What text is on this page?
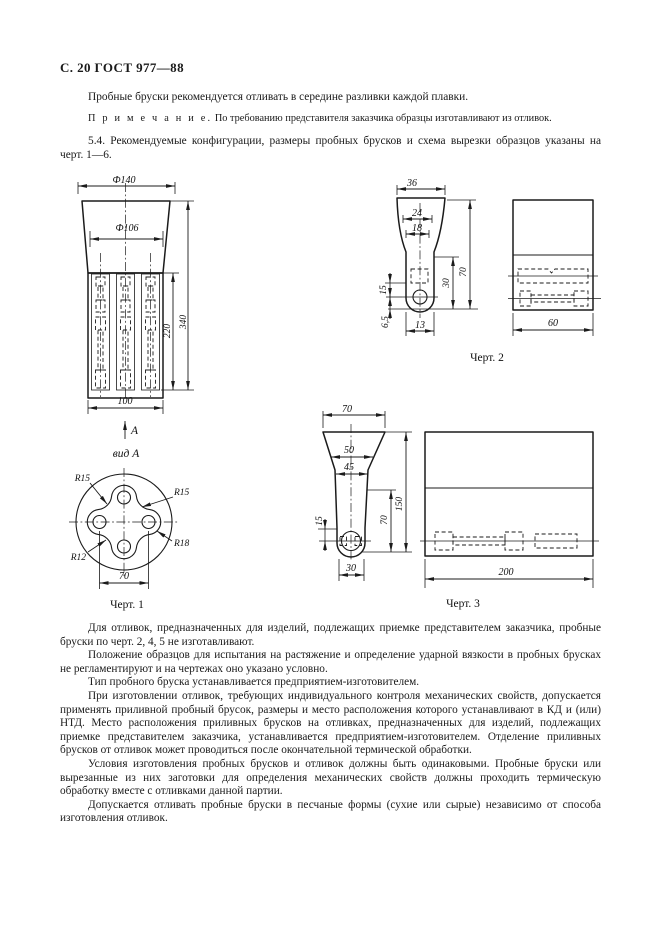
С. 20 ГОСТ 977—88

Пробные бруски рекомендуется отливать в середине разливки каждой плавки.

П р и м е ч а н и е. По требованию представителя заказчика образцы изготавливают из отливок.

5.4. Рекомендуемые конфигурации, размеры пробных брусков и схема вырезки образцов указаны на черт. 1—6.

Ф140
Ф106
220
340
100
А
вид А
R15
R15
R18
R12
70
Черт. 1
36
24
18
30
70
15
6,5 13	60
Черт. 2
70
50
45
15
30
70
150
200
Черт. 3

Для отливок, предназначенных для изделий, подлежащих приемке представителем заказчика, пробные бруски по черт. 2, 4, 5 не изготавливают.

Положение образцов для испытания на растяжение и определение ударной вязкости в пробных брусках не регламентируют и на чертежах оно указано условно.

Тип пробного бруска устанавливается предприятием-изготовителем.

При изготовлении отливок, требующих индивидуального контроля механических свойств, допускается применять приливной пробный брусок, размеры и место расположения которого устанавливают в КД и (или) НТД. Место расположения приливных брусков на отливках, предназначенных для изделий, подлежащих приемке представителем заказчика, устанавливается предприятием-изготовителем. Отделение приливных брусков от отливок может проводиться после окончательной термической обработки.

Условия изготовления пробных брусков и отливок должны быть одинаковыми. Пробные бруски или вырезанные из них заготовки для определения механических свойств должны проходить термическую обработку вместе с отливками данной партии.

Допускается отливать пробные бруски в песчаные формы (сухие или сырые) независимо от способа изготовления отливок.
